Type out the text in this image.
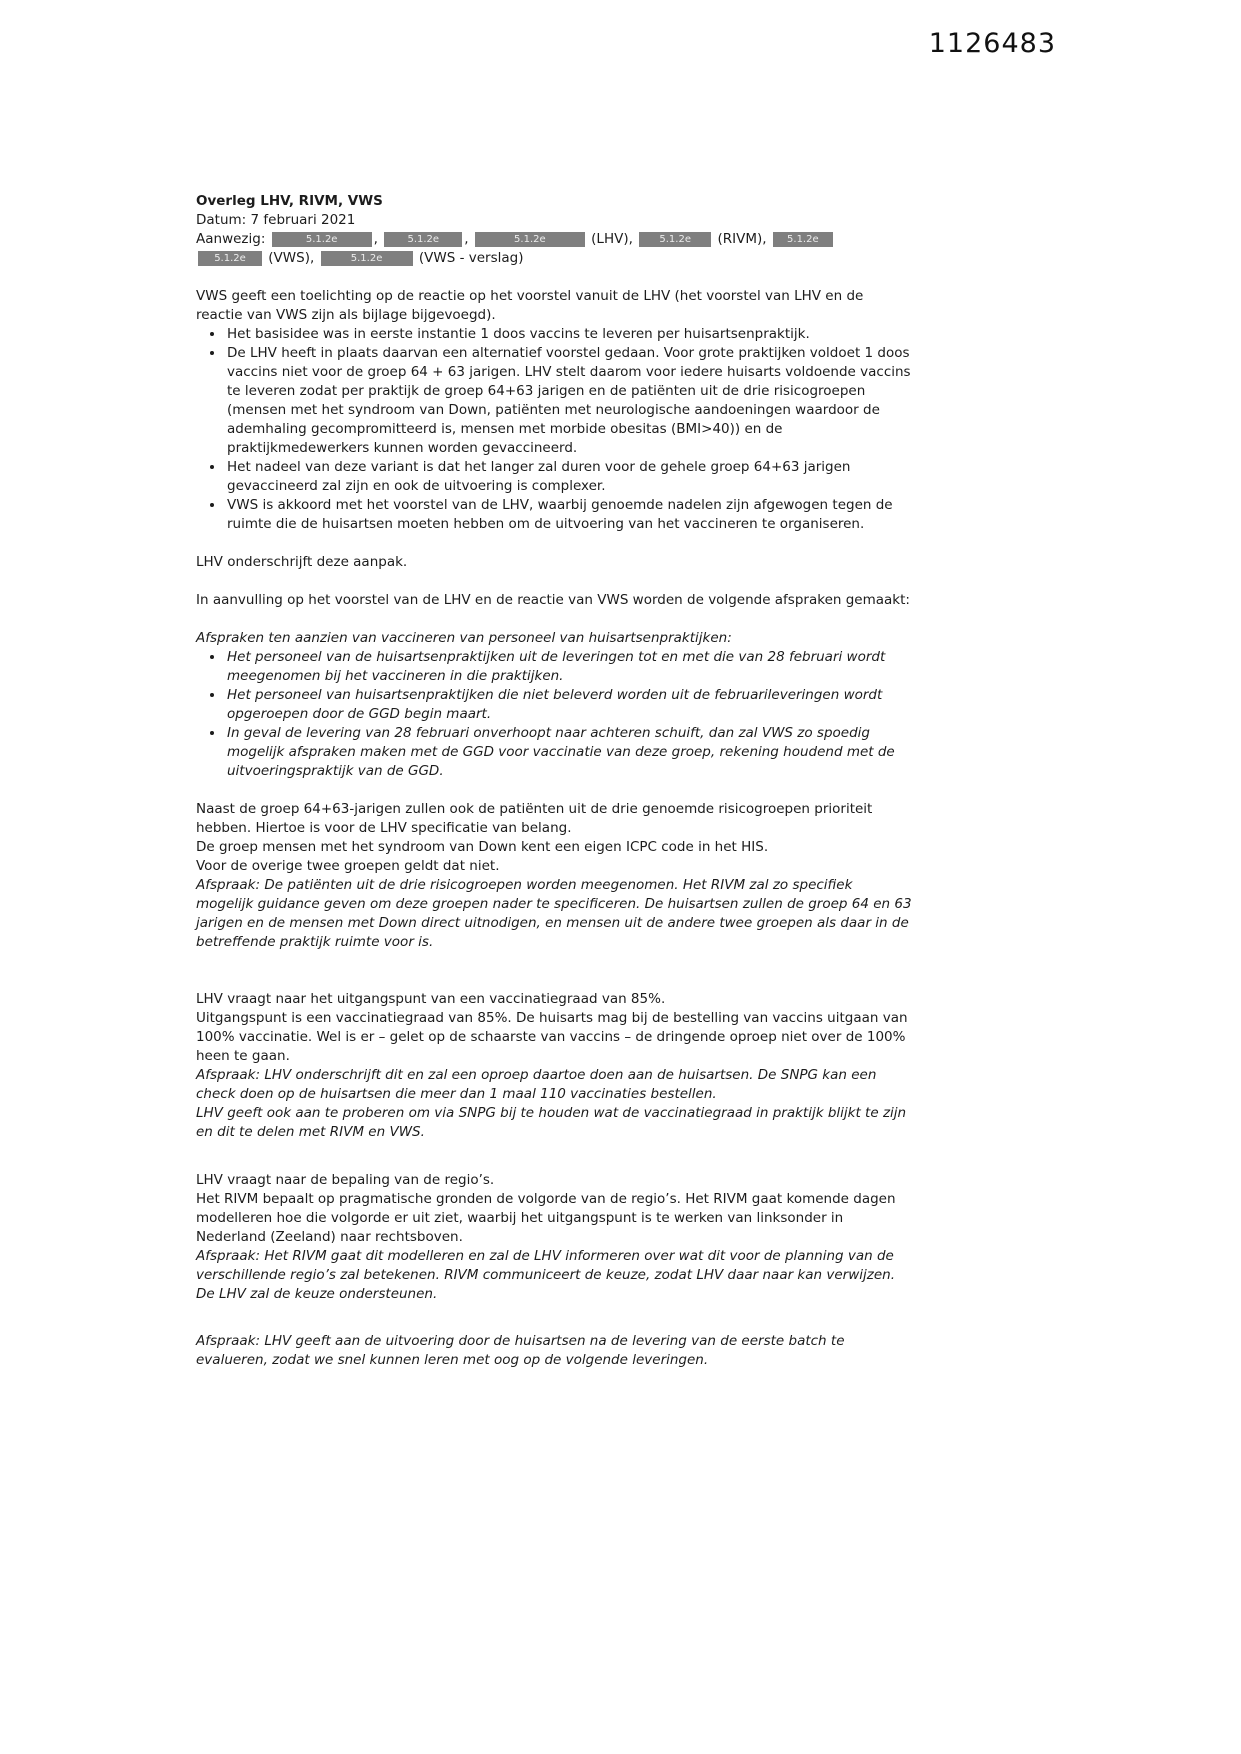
1126483
Overleg LHV, RIVM, VWS
Datum: 7 februari 2021
Aanwezig:	5.1.2e	,	5.1.2e	,	5.1.2e	(LHV),	5.1.2e	(RIVM),	5.1.2e
5.1.2e	(VWS),	5.1.2e	(VWS - verslag)

VWS geeft een toelichting op de reactie op het voorstel vanuit de LHV (het voorstel van LHV en de reactie van VWS zijn als bijlage bijgevoegd).

• Het basisidee was in eerste instantie 1 doos vaccins te leveren per huisartsenpraktijk.
• De LHV heeft in plaats daarvan een alternatief voorstel gedaan. Voor grote praktijken voldoet 1 doos vaccins niet voor de groep 64 + 63 jarigen. LHV stelt daarom voor iedere huisarts voldoende vaccins te leveren zodat per praktijk de groep 64+63 jarigen en de patiënten uit de drie risicogroepen (mensen met het syndroom van Down, patiënten met neurologische aandoeningen waardoor de ademhaling gecompromitteerd is, mensen met morbide obesitas (BMI>40)) en de praktijkmedewerkers kunnen worden gevaccineerd.
• Het nadeel van deze variant is dat het langer zal duren voor de gehele groep 64+63 jarigen gevaccineerd zal zijn en ook de uitvoering is complexer.
• VWS is akkoord met het voorstel van de LHV, waarbij genoemde nadelen zijn afgewogen tegen de ruimte die de huisartsen moeten hebben om de uitvoering van het vaccineren te organiseren.

LHV onderschrijft deze aanpak.

In aanvulling op het voorstel van de LHV en de reactie van VWS worden de volgende afspraken gemaakt:

Afspraken ten aanzien van vaccineren van personeel van huisartsenpraktijken:

• Het personeel van de huisartsenpraktijken uit de leveringen tot en met die van 28 februari wordt meegenomen bij het vaccineren in die praktijken.
• Het personeel van huisartsenpraktijken die niet beleverd worden uit de februarileveringen wordt opgeroepen door de GGD begin maart.
• In geval de levering van 28 februari onverhoopt naar achteren schuift, dan zal VWS zo spoedig mogelijk afspraken maken met de GGD voor vaccinatie van deze groep, rekening houdend met de uitvoeringspraktijk van de GGD.

Naast de groep 64+63-jarigen zullen ook de patiënten uit de drie genoemde risicogroepen prioriteit hebben. Hiertoe is voor de LHV specificatie van belang.

De groep mensen met het syndroom van Down kent een eigen ICPC code in het HIS.

Voor de overige twee groepen geldt dat niet.

Afspraak: De patiënten uit de drie risicogroepen worden meegenomen. Het RIVM zal zo specifiek mogelijk guidance geven om deze groepen nader te specificeren. De huisartsen zullen de groep 64 en 63 jarigen en de mensen met Down direct uitnodigen, en mensen uit de andere twee groepen als daar in de betreffende praktijk ruimte voor is.

LHV vraagt naar het uitgangspunt van een vaccinatiegraad van 85%.

Uitgangspunt is een vaccinatiegraad van 85%. De huisarts mag bij de bestelling van vaccins uitgaan van 100% vaccinatie. Wel is er – gelet op de schaarste van vaccins – de dringende oproep niet over de 100% heen te gaan.

Afspraak: LHV onderschrijft dit en zal een oproep daartoe doen aan de huisartsen. De SNPG kan een check doen op de huisartsen die meer dan 1 maal 110 vaccinaties bestellen.

LHV geeft ook aan te proberen om via SNPG bij te houden wat de vaccinatiegraad in praktijk blijkt te zijn en dit te delen met RIVM en VWS.

LHV vraagt naar de bepaling van de regio’s.

Het RIVM bepaalt op pragmatische gronden de volgorde van de regio’s. Het RIVM gaat komende dagen modelleren hoe die volgorde er uit ziet, waarbij het uitgangspunt is te werken van linksonder in Nederland (Zeeland) naar rechtsboven.

Afspraak: Het RIVM gaat dit modelleren en zal de LHV informeren over wat dit voor de planning van de verschillende regio’s zal betekenen. RIVM communiceert de keuze, zodat LHV daar naar kan verwijzen. De LHV zal de keuze ondersteunen.

Afspraak: LHV geeft aan de uitvoering door de huisartsen na de levering van de eerste batch te evalueren, zodat we snel kunnen leren met oog op de volgende leveringen.
